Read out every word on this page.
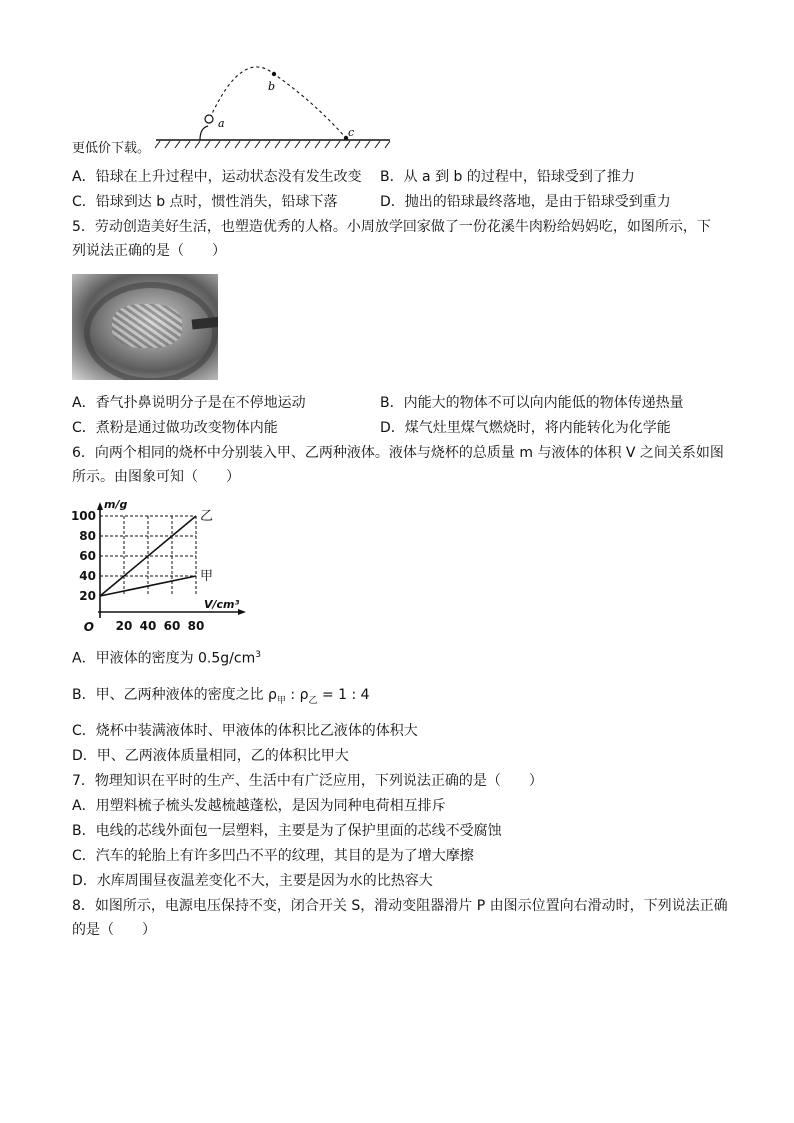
a
b
c
更低价下载。
A．铅球在上升过程中，运动状态没有发生改变 B．从 a 到 b 的过程中，铅球受到了推力
C．铅球到达 b 点时，惯性消失，铅球下落	D．抛出的铅球最终落地，是由于铅球受到重力
5．劳动创造美好生活，也塑造优秀的人格。小周放学回家做了一份花溪牛肉粉给妈妈吃，如图所示，下
列说法正确的是（　　）
A．香气扑鼻说明分子是在不停地运动	B．内能大的物体不可以向内能低的物体传递热量
C．煮粉是通过做功改变物体内能	D．煤气灶里煤气燃烧时，将内能转化为化学能
6．向两个相同的烧杯中分别装入甲、乙两种液体。液体与烧杯的总质量 m 与液体的体积 V 之间关系如图
所示。由图象可知（　　）
100
80
60
40
20
20 40 60 80
O
m/g
V/cm³
乙
甲
A．甲液体的密度为 $0.5g/cm^3$
B．甲、乙两种液体的密度之比 $\rho_甲$ : $\rho_乙 = 1$ : 4
C．烧杯中装满液体时、甲液体的体积比乙液体的体积大
D．甲、乙两液体质量相同，乙的体积比甲大
7．物理知识在平时的生产、生活中有广泛应用，下列说法正确的是（　　）
A．用塑料梳子梳头发越梳越蓬松，是因为同种电荷相互排斥
B．电线的芯线外面包一层塑料，主要是为了保护里面的芯线不受腐蚀
C．汽车的轮胎上有许多凹凸不平的纹理，其目的是为了增大摩擦
D．水库周围昼夜温差变化不大，主要是因为水的比热容大
8．如图所示，电源电压保持不变，闭合开关 S，滑动变阻器滑片 P 由图示位置向右滑动时，下列说法正确
的是（　　）
